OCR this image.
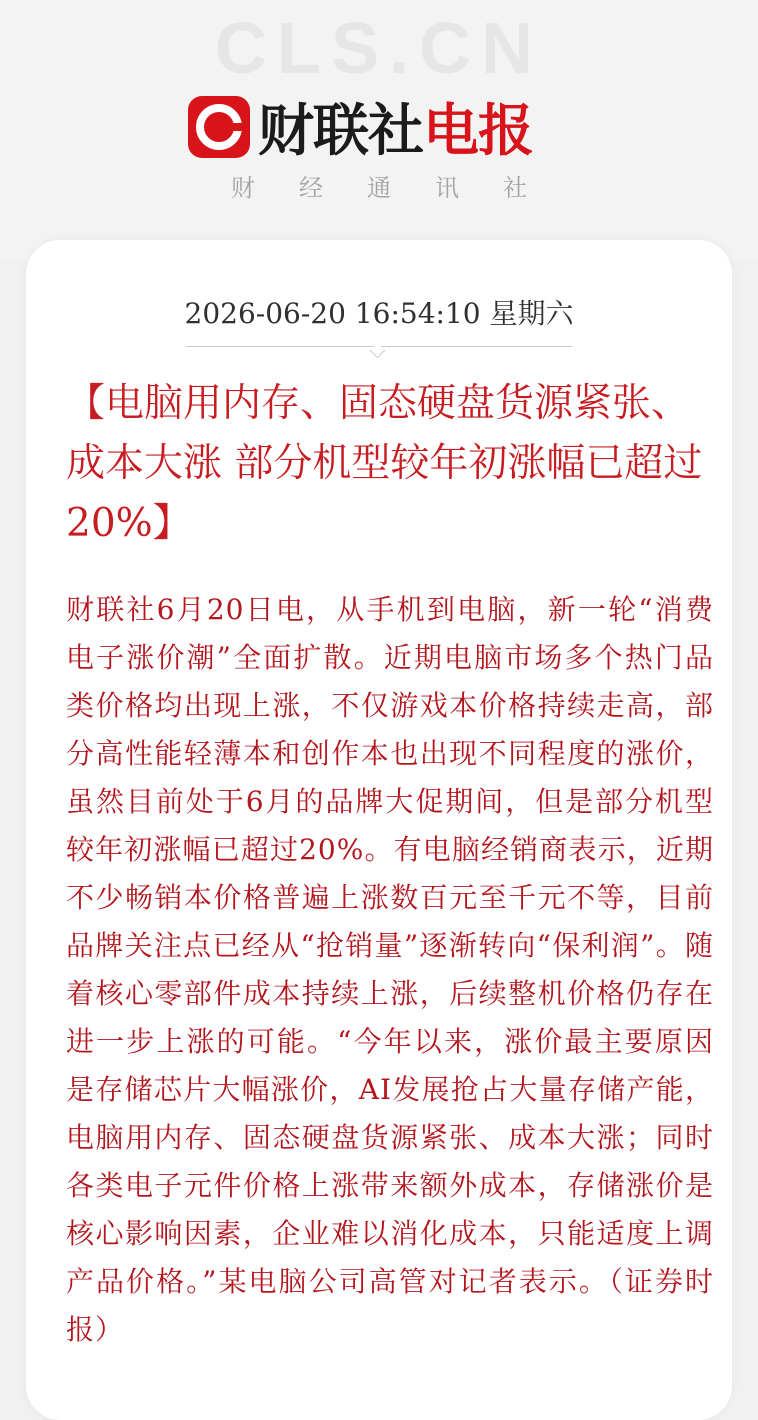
CLS.CN
财联社 电报
财经通讯社
2026-06-20 16:54:10 星期六
【电脑用内存、固态硬盘货源紧张、成本大涨 部分机型较年初涨幅已超过20%】
财联社6月20日电，从手机到电脑，新一轮“消费电子涨价潮”全面扩散。近期电脑市场多个热门品类价格均出现上涨，不仅游戏本价格持续走高，部分高性能轻薄本和创作本也出现不同程度的涨价，虽然目前处于6月的品牌大促期间，但是部分机型较年初涨幅已超过20%。有电脑经销商表示，近期不少畅销本价格普遍上涨数百元至千元不等，目前品牌关注点已经从“抢销量”逐渐转向“保利润”。随着核心零部件成本持续上涨，后续整机价格仍存在进一步上涨的可能。“今年以来，涨价最主要原因是存储芯片大幅涨价，AI发展抢占大量存储产能，电脑用内存、固态硬盘货源紧张、成本大涨；同时各类电子元件价格上涨带来额外成本，存储涨价是核心影响因素，企业难以消化成本，只能适度上调产品价格。”某电脑公司高管对记者表示。（证券时报）
